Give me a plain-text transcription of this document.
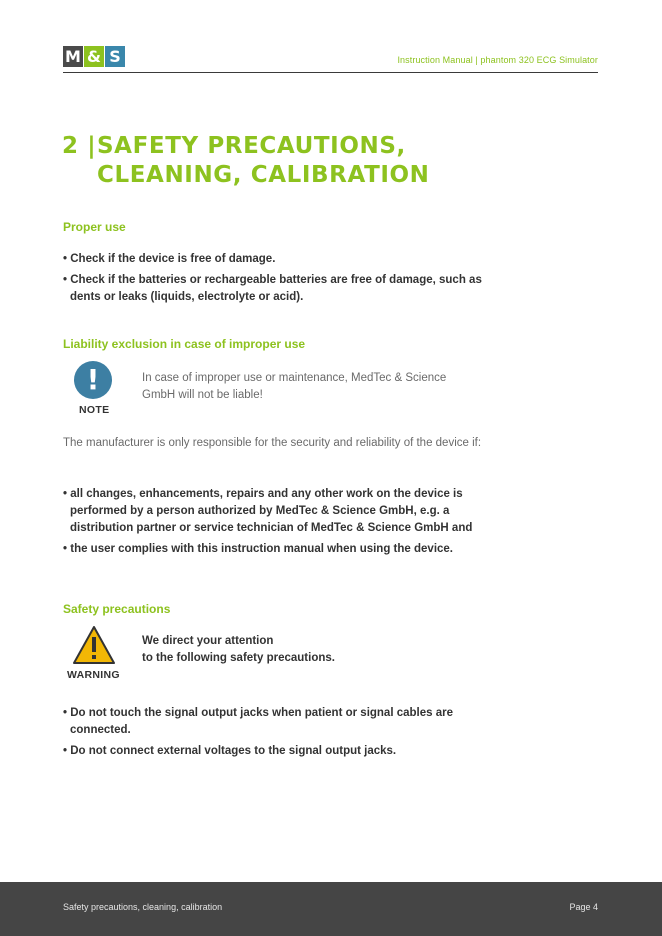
M & S	Instruction Manual | phantom 320 ECG Simulator
2 |SAFETY PRECAUTIONS,
CLEANING, CALIBRATION
Proper use
• Check if the device is free of damage.
• Check if the batteries or rechargeable batteries are free of damage, such as dents or leaks (liquids, electrolyte or acid).
Liability exclusion in case of improper use
!
NOTE
In case of improper use or maintenance, MedTec & Science GmbH will not be liable!
The manufacturer is only responsible for the security and reliability of the device if:
• all changes, enhancements, repairs and any other work on the device is performed by a person authorized by MedTec & Science GmbH, e.g. a distribution partner or service technician of MedTec & Science GmbH and
• the user complies with this instruction manual when using the device.
Safety precautions
WARNING
We direct your attention
to the following safety precautions.
• Do not touch the signal output jacks when patient or signal cables are connected.
• Do not connect external voltages to the signal output jacks.
Safety precautions, cleaning, calibration	Page 4
